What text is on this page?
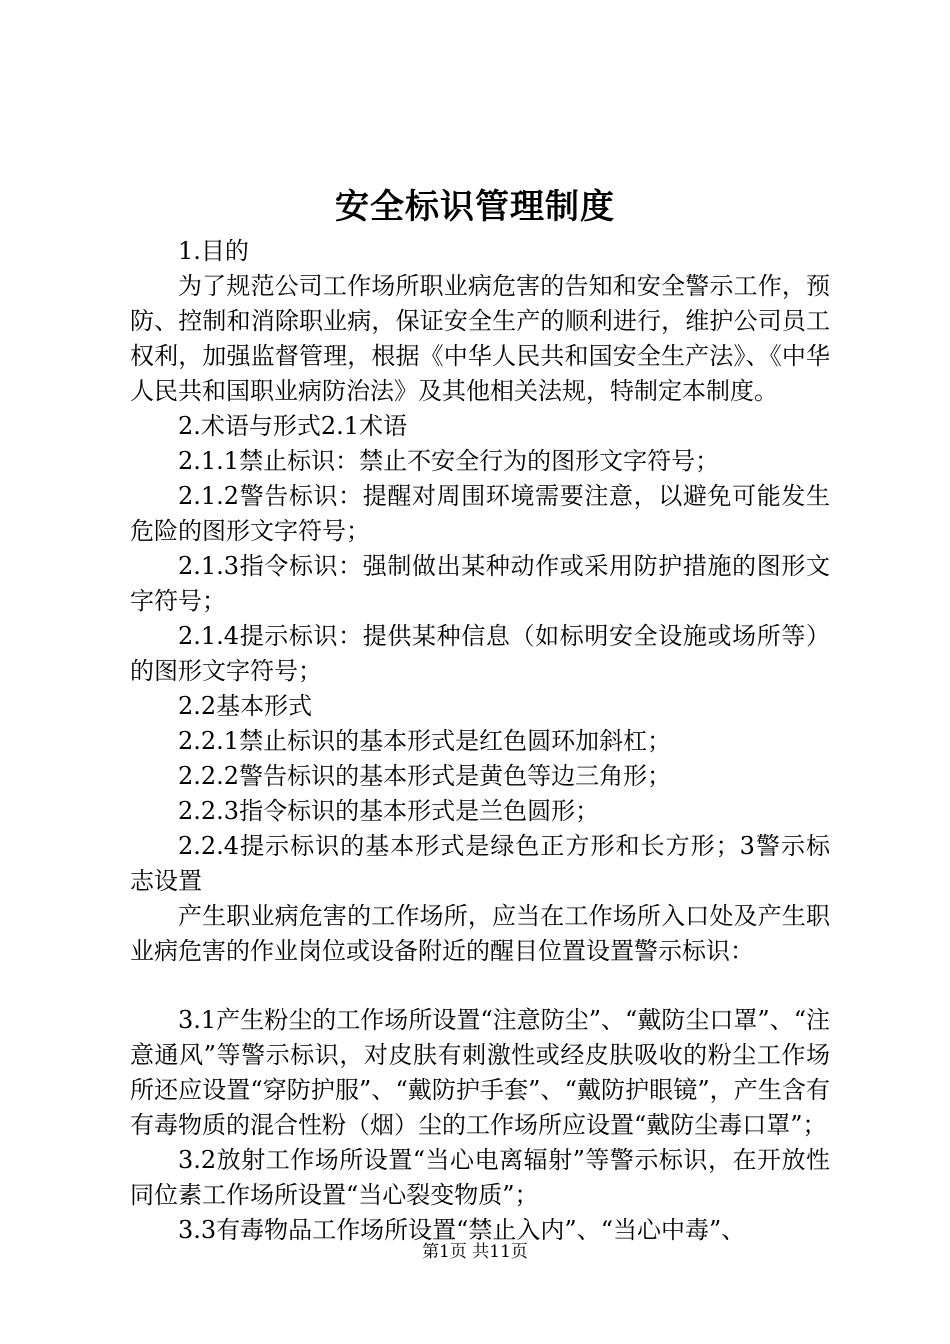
安全标识管理制度

1.目的

为了规范公司工作场所职业病危害的告知和安全警示工作，预防、控制和消除职业病，保证安全生产的顺利进行，维护公司员工权利，加强监督管理，根据《中华人民共和国安全生产法》、《中华人民共和国职业病防治法》及其他相关法规，特制定本制度。

2.术语与形式2.1术语

2.1.1禁止标识：禁止不安全行为的图形文字符号；

2.1.2警告标识：提醒对周围环境需要注意，以避免可能发生危险的图形文字符号；

2.1.3指令标识：强制做出某种动作或采用防护措施的图形文字符号；

2.1.4提示标识：提供某种信息（如标明安全设施或场所等）的图形文字符号；

2.2基本形式

2.2.1禁止标识的基本形式是红色圆环加斜杠；

2.2.2警告标识的基本形式是黄色等边三角形；

2.2.3指令标识的基本形式是兰色圆形；

2.2.4提示标识的基本形式是绿色正方形和长方形；3警示标志设置

产生职业病危害的工作场所，应当在工作场所入口处及产生职业病危害的作业岗位或设备附近的醒目位置设置警示标识：

3.1产生粉尘的工作场所设置“注意防尘”、“戴防尘口罩”、“注意通风”等警示标识，对皮肤有刺激性或经皮肤吸收的粉尘工作场所还应设置“穿防护服”、“戴防护手套”、“戴防护眼镜”，产生含有有毒物质的混合性粉（烟）尘的工作场所应设置“戴防尘毒口罩”；

3.2放射工作场所设置“当心电离辐射”等警示标识，在开放性同位素工作场所设置“当心裂变物质”；

3.3有毒物品工作场所设置“禁止入内”、“当心中毒”、

第1页 共11页
